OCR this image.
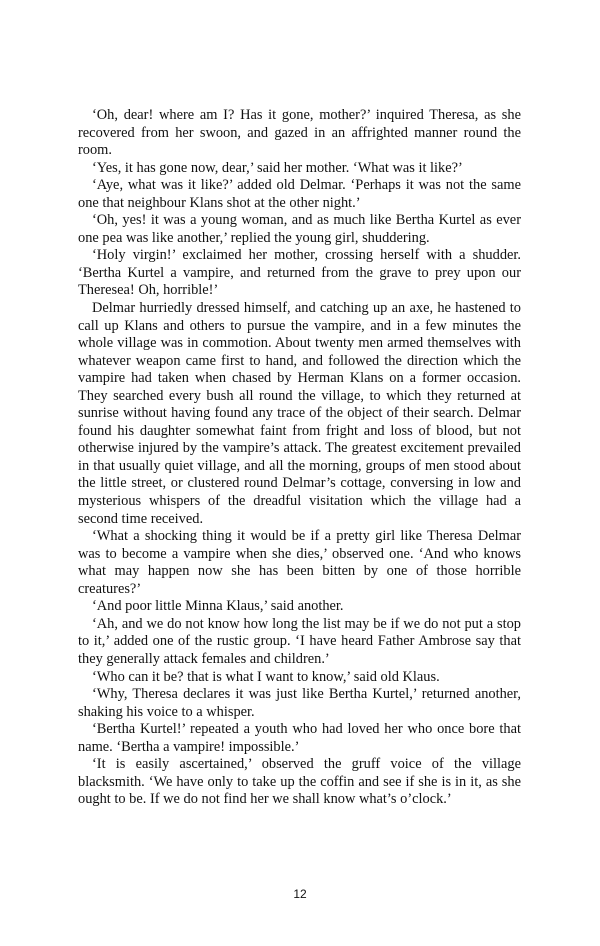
‘Oh, dear! where am I? Has it gone, mother?’ inquired Theresa, as she recovered from her swoon, and gazed in an affrighted manner round the room.

‘Yes, it has gone now, dear,’ said her mother. ‘What was it like?’

‘Aye, what was it like?’ added old Delmar. ‘Perhaps it was not the same one that neighbour Klans shot at the other night.’

‘Oh, yes! it was a young woman, and as much like Bertha Kurtel as ever one pea was like another,’ replied the young girl, shuddering.

‘Holy virgin!’ exclaimed her mother, crossing herself with a shudder. ‘Bertha Kurtel a vampire, and returned from the grave to prey upon our Theresea! Oh, horrible!’

Delmar hurriedly dressed himself, and catching up an axe, he hastened to call up Klans and others to pursue the vampire, and in a few minutes the whole village was in commotion. About twenty men armed themselves with whatever weapon came first to hand, and followed the direction which the vampire had taken when chased by Herman Klans on a former occasion. They searched every bush all round the village, to which they returned at sunrise without having found any trace of the object of their search. Delmar found his daughter somewhat faint from fright and loss of blood, but not otherwise injured by the vampire’s attack. The greatest excitement prevailed in that usually quiet village, and all the morning, groups of men stood about the little street, or clustered round Delmar’s cottage, conversing in low and mysterious whispers of the dreadful visitation which the village had a second time received.

‘What a shocking thing it would be if a pretty girl like Theresa Delmar was to become a vampire when she dies,’ observed one. ‘And who knows what may happen now she has been bitten by one of those horrible creatures?’

‘And poor little Minna Klaus,’ said another.

‘Ah, and we do not know how long the list may be if we do not put a stop to it,’ added one of the rustic group. ‘I have heard Father Ambrose say that they generally attack females and children.’

‘Who can it be? that is what I want to know,’ said old Klaus.

‘Why, Theresa declares it was just like Bertha Kurtel,’ returned another, shaking his voice to a whisper.

‘Bertha Kurtel!’ repeated a youth who had loved her who once bore that name. ‘Bertha a vampire! impossible.’

‘It is easily ascertained,’ observed the gruff voice of the village blacksmith. ‘We have only to take up the coffin and see if she is in it, as she ought to be. If we do not find her we shall know what’s o’clock.’

12
